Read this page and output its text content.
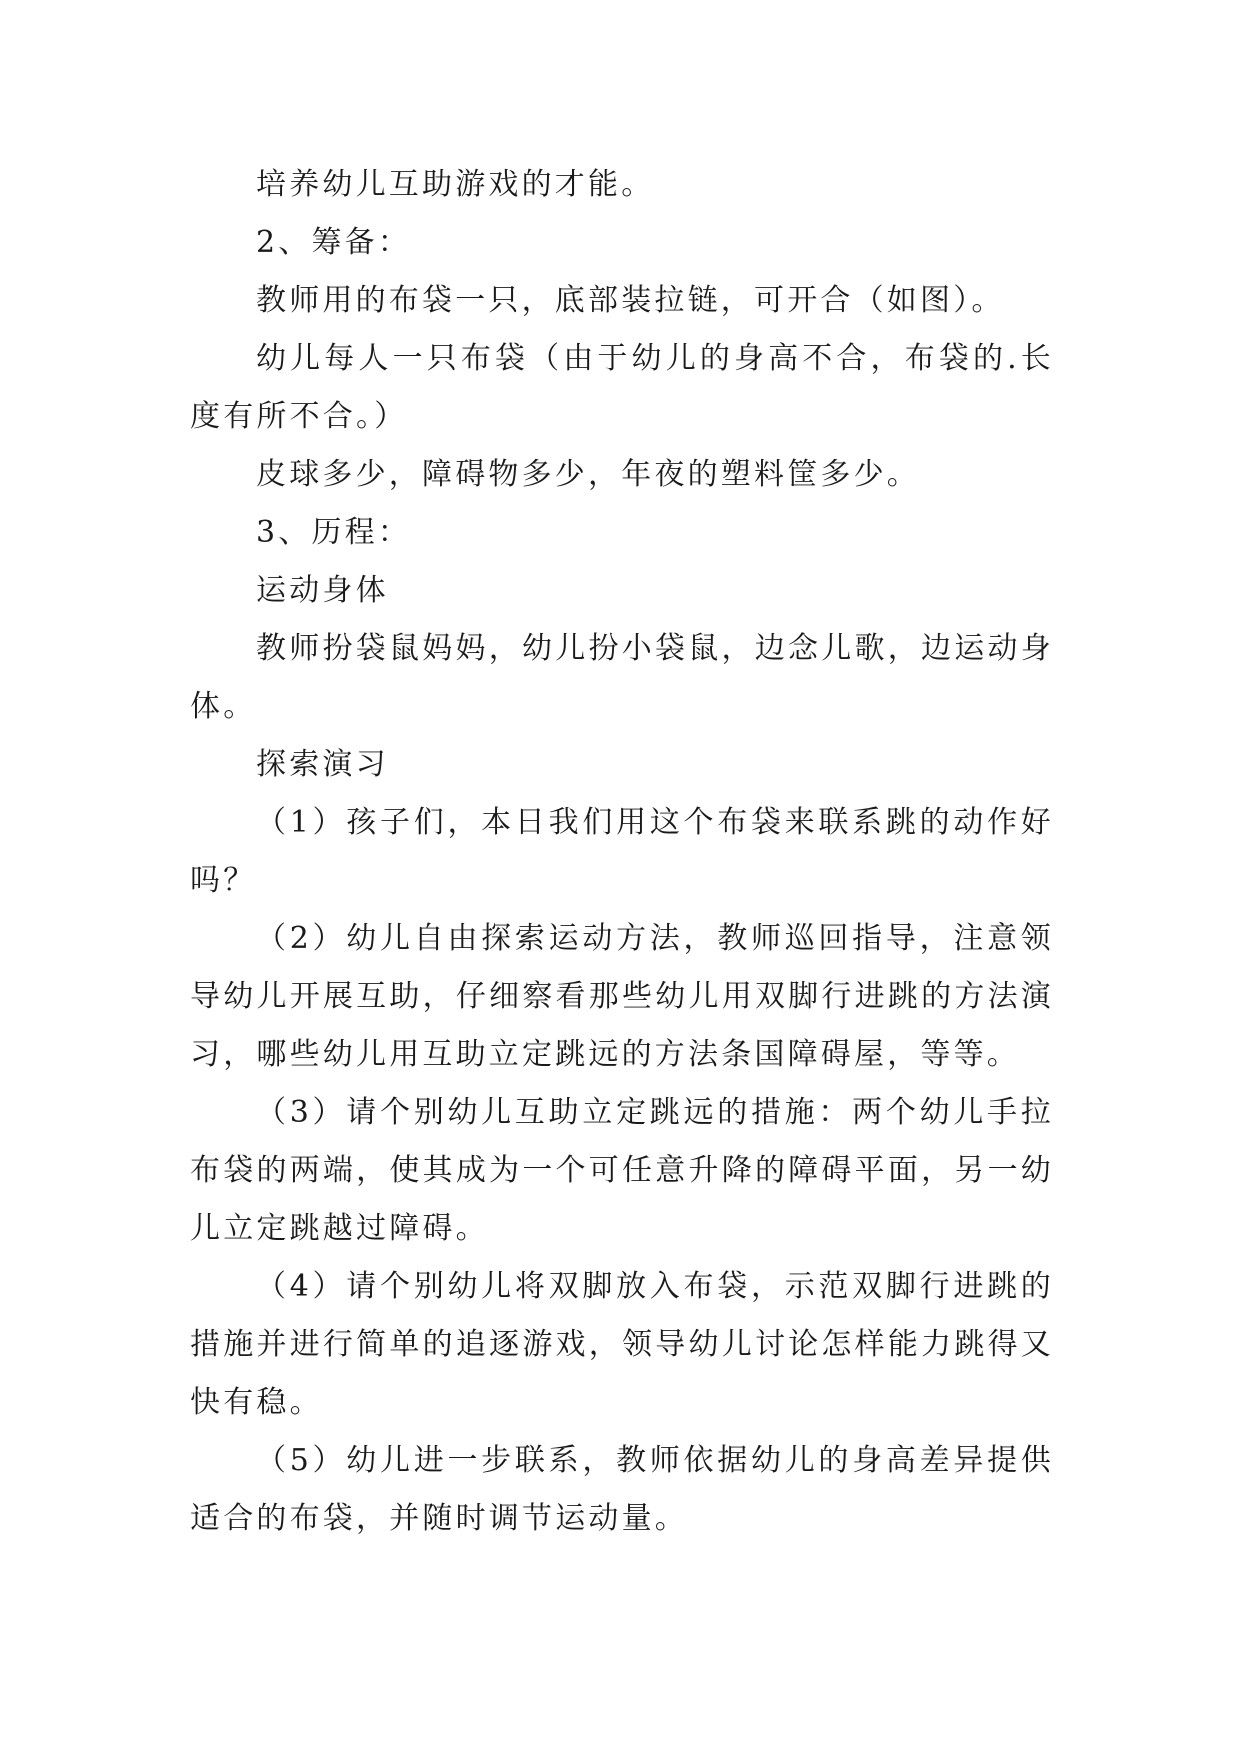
培养幼儿互助游戏的才能。

2、筹备：

教师用的布袋一只，底部装拉链，可开合（如图）。

幼儿每人一只布袋（由于幼儿的身高不合，布袋的.长度有所不合。）

皮球多少，障碍物多少，年夜的塑料筐多少。

3、历程：

运动身体

教师扮袋鼠妈妈，幼儿扮小袋鼠，边念儿歌，边运动身体。

探索演习

（1）孩子们，本日我们用这个布袋来联系跳的动作好吗？

（2）幼儿自由探索运动方法，教师巡回指导，注意领导幼儿开展互助，仔细察看那些幼儿用双脚行进跳的方法演习，哪些幼儿用互助立定跳远的方法条国障碍屋，等等。

（3）请个别幼儿互助立定跳远的措施：两个幼儿手拉布袋的两端，使其成为一个可任意升降的障碍平面，另一幼儿立定跳越过障碍。

（4）请个别幼儿将双脚放入布袋，示范双脚行进跳的措施并进行简单的追逐游戏，领导幼儿讨论怎样能力跳得又快有稳。

（5）幼儿进一步联系，教师依据幼儿的身高差异提供适合的布袋，并随时调节运动量。
